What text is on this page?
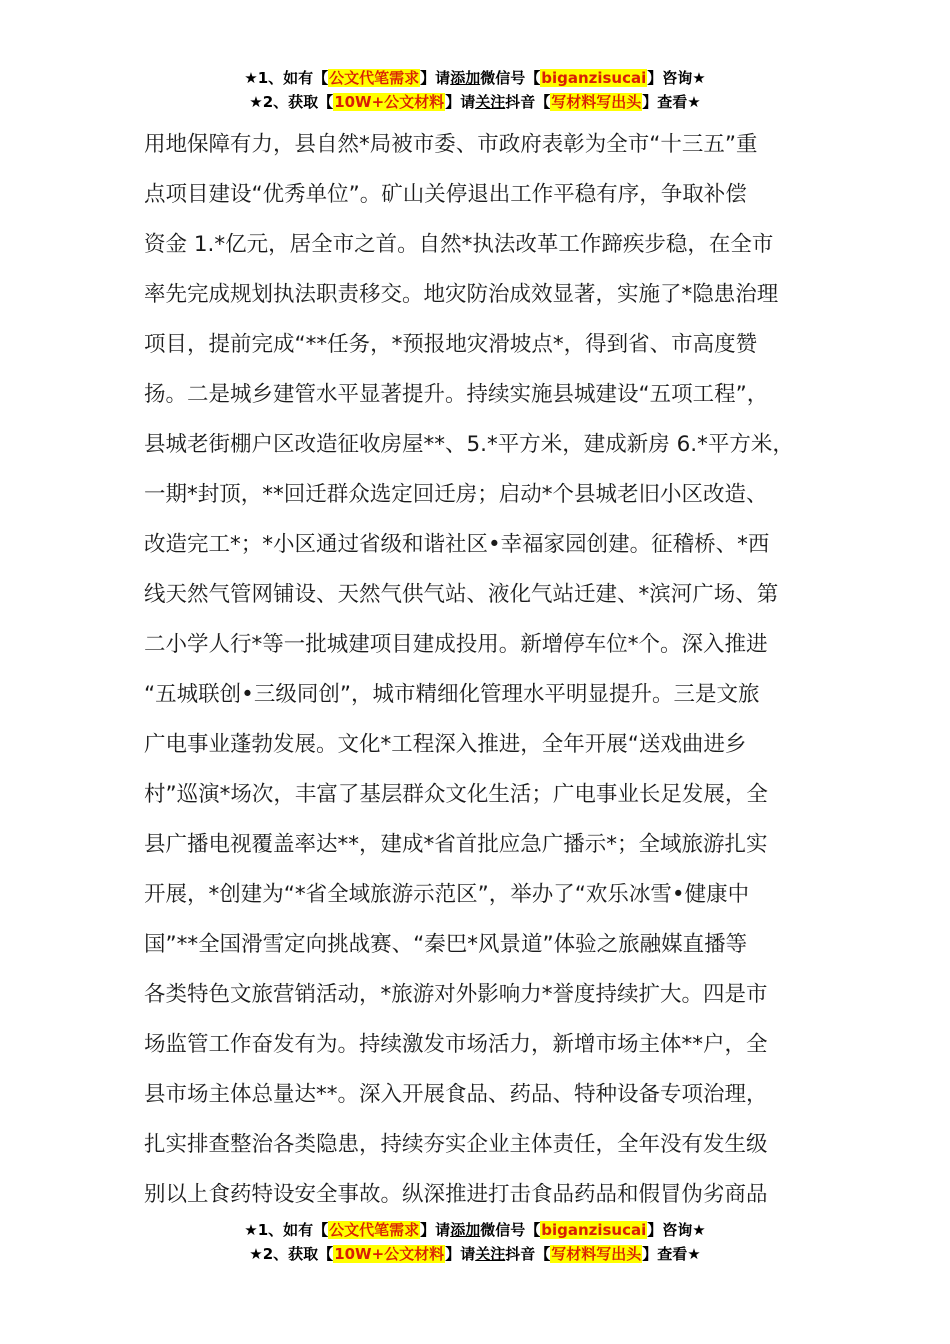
★1、如有【公文代笔需求】请添加微信号【biganzisucai】咨询★
★2、获取【10W+公文材料】请关注抖音【写材料写出头】查看★
用地保障有力，县自然*局被市委、市政府表彰为全市“十三五”重
点项目建设“优秀单位”。矿山关停退出工作平稳有序，争取补偿
资金 1.*亿元，居全市之首。自然*执法改革工作蹄疾步稳，在全市
率先完成规划执法职责移交。地灾防治成效显著，实施了*隐患治理
项目，提前完成“**任务，*预报地灾滑坡点*，得到省、市高度赞
扬。二是城乡建管水平显著提升。持续实施县城建设“五项工程”，
县城老街棚户区改造征收房屋**、5.*平方米，建成新房 6.*平方米，
一期*封顶，**回迁群众选定回迁房；启动*个县城老旧小区改造、
改造完工*；*小区通过省级和谐社区•幸福家园创建。征稽桥、*西
线天然气管网铺设、天然气供气站、液化气站迁建、*滨河广场、第
二小学人行*等一批城建项目建成投用。新增停车位*个。深入推进
“五城联创•三级同创”，城市精细化管理水平明显提升。三是文旅
广电事业蓬勃发展。文化*工程深入推进，全年开展“送戏曲进乡
村”巡演*场次，丰富了基层群众文化生活；广电事业长足发展，全
县广播电视覆盖率达**，建成*省首批应急广播示*；全域旅游扎实
开展，*创建为“*省全域旅游示范区”，举办了“欢乐冰雪•健康中
国”**全国滑雪定向挑战赛、“秦巴*风景道”体验之旅融媒直播等
各类特色文旅营销活动，*旅游对外影响力*誉度持续扩大。四是市
场监管工作奋发有为。持续激发市场活力，新增市场主体**户，全
县市场主体总量达**。深入开展食品、药品、特种设备专项治理，
扎实排查整治各类隐患，持续夯实企业主体责任，全年没有发生级
别以上食药特设安全事故。纵深推进打击食品药品和假冒伪劣商品
★1、如有【公文代笔需求】请添加微信号【biganzisucai】咨询★
★2、获取【10W+公文材料】请关注抖音【写材料写出头】查看★
